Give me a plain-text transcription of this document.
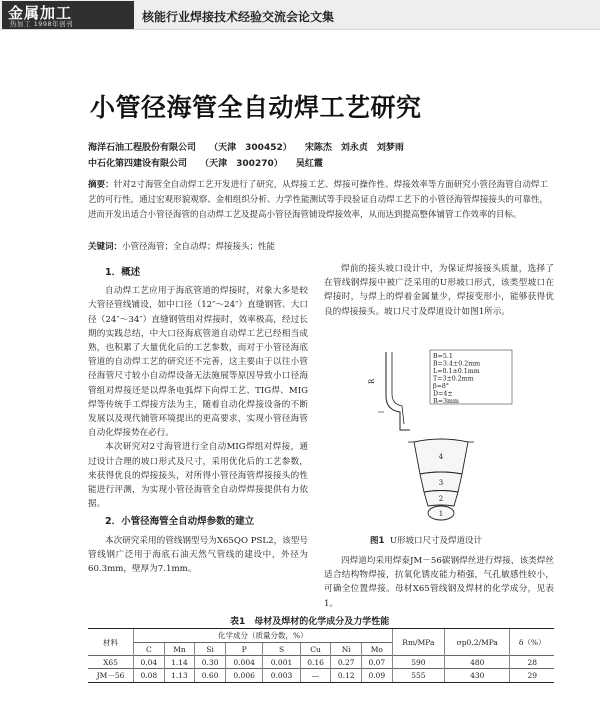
金属加工
热加工 1998年创刊	核能行业焊接技术经验交流会论文集
小管径海管全自动焊工艺研究
海洋石油工程股份有限公司 （天津　300452） 宋陈杰　刘永贞　刘梦雨
中石化第四建设有限公司 （天津　300270） 吴红霞
摘要：针对2寸海管全自动焊工艺开发进行了研究，从焊接工艺、焊接可操作性、焊接效率等方面研究小管径海管自动焊工艺的可行性，通过宏观形貌观察、金相组织分析、力学性能测试等手段验证自动焊工艺下的小管径海管焊接接头的可靠性，进而开发出适合小管径海管的自动焊工艺及提高小管径海管铺设焊接效率，从而达到提高整体铺管工作效率的目标。
关键词：小管径海管；全自动焊；焊接接头；性能
1．概述

自动焊工艺应用于海底管道的焊接时，对象大多是较大管径管线铺设，如中口径（12″～24″）直缝钢管、大口径（24″～34″）直缝钢管组对焊接时，效率极高，经过长期的实践总结，中大口径海底管道自动焊工艺已经相当成熟，也积累了大量优化后的工艺参数，而对于小管径海底管道的自动焊工艺的研究还不完善，这主要由于以往小管径海管尺寸较小自动焊设备无法施展等原因导致小口径海管组对焊接还是以焊条电弧焊下向焊工艺、TIG焊、MIG焊等传统手工焊接方法为主，随着自动化焊接设备的不断发展以及现代铺管环境提出的更高要求，实现小管径海管自动化焊接势在必行。

本次研究对2寸海管进行全自动MIG焊组对焊接，通过设计合理的坡口形式及尺寸，采用优化后的工艺参数，来获得优良的焊接接头，对所得小管径海管焊接接头的性能进行评测，为实现小管径海管全自动焊焊接提供有力依据。

2．小管径海管全自动焊参数的建立

本次研究采用的管线钢型号为X65QO PSL2，该型号管线钢广泛用于海底石油天然气管线的建设中，外径为60.3mm，壁厚为7.1mm。

焊前的接头坡口设计中，为保证焊接接头质量，选择了在管线钢焊接中被广泛采用的U形坡口形式，该类型坡口在焊接时，与焊上的焊着金属量少，焊接变形小，能够获得优良的焊接接头。坡口尺寸及焊道设计如图1所示。

R
B=5.1
B=3.4±0.2mm
L=0.1±0.1mm
T=3±0.2mm
β=8°
D=4±
R=3mm
4
3
2
1
图1 U形坡口尺寸及焊道设计

四焊道均采用焊泰JM－56碳钢焊丝进行焊接，该类焊丝适合结构物焊接，抗氧化锈皮能力稍强，气孔敏感性较小，可确全位置焊接。母材X65管线钢及焊材的化学成分，见表1。

表1　母材及焊材的化学成分及力学性能
材料	化学成分（质量分数，%）								Rm/MPa	σp0.2/MPa	δ（%）
	C	Mn	Si	P	S	Cu	Ni	Mo			
X65	0.04	1.14	0.30	0.004	0.001	0.16	0.27	0.07	590	480	28
JM－56	0.08	1.13	0.60	0.006	0.003	—	0.12	0.09	555	430	29
